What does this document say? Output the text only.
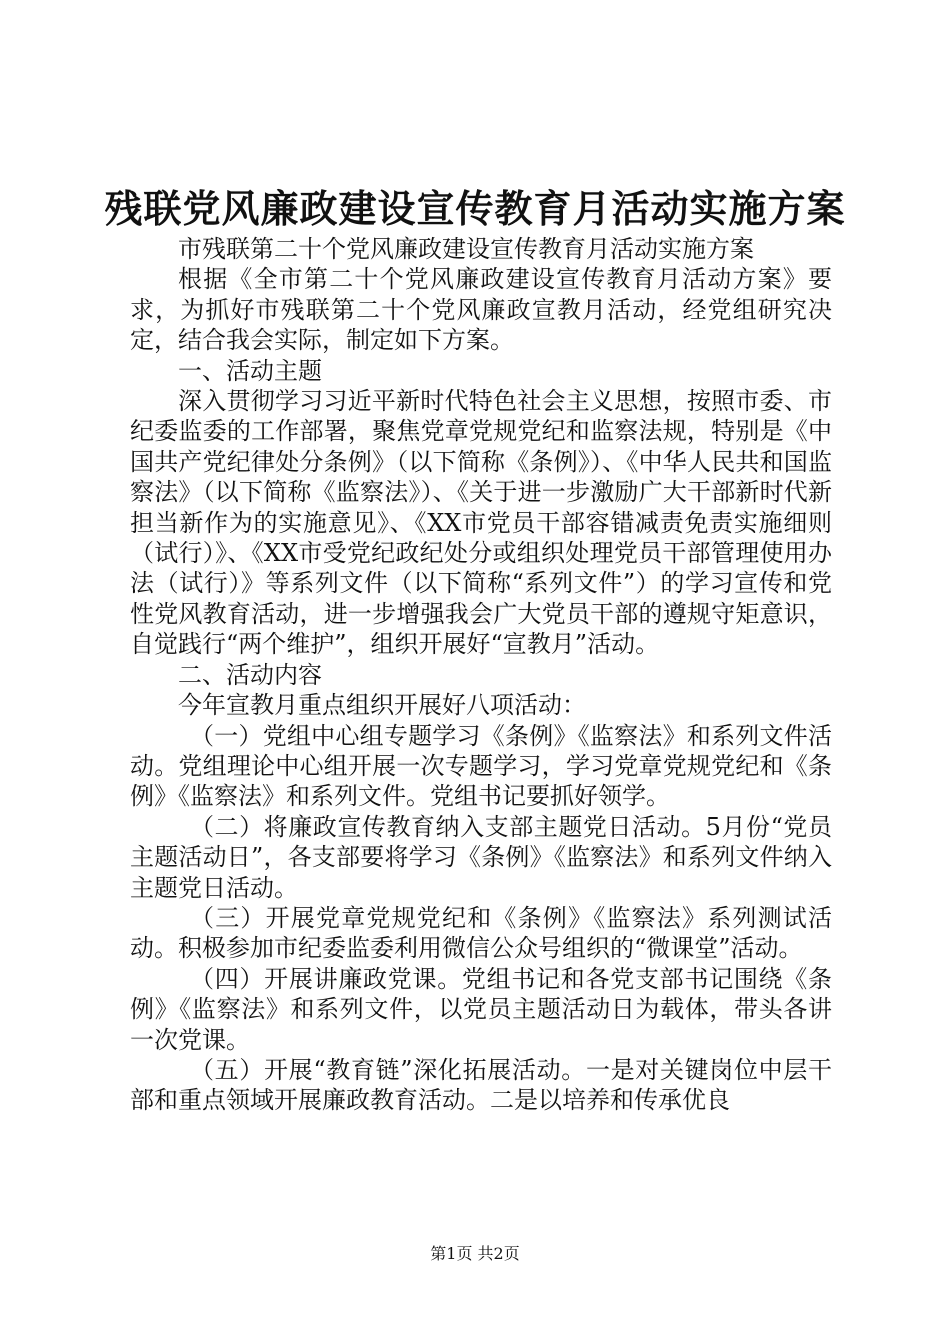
残联党风廉政建设宣传教育月活动实施方案

市残联第二十个党风廉政建设宣传教育月活动实施方案

根据《全市第二十个党风廉政建设宣传教育月活动方案》要求，为抓好市残联第二十个党风廉政宣教月活动，经党组研究决定，结合我会实际，制定如下方案。

一、活动主题

深入贯彻学习习近平新时代特色社会主义思想，按照市委、市纪委监委的工作部署，聚焦党章党规党纪和监察法规，特别是《中国共产党纪律处分条例》（以下简称《条例》）、《中华人民共和国监察法》（以下简称《监察法》）、《关于进一步激励广大干部新时代新担当新作为的实施意见》、《XX市党员干部容错减责免责实施细则（试行）》、《XX市受党纪政纪处分或组织处理党员干部管理使用办法（试行）》等系列文件（以下简称“系列文件”）的学习宣传和党性党风教育活动，进一步增强我会广大党员干部的遵规守矩意识，自觉践行“两个维护”，组织开展好“宣教月”活动。

二、活动内容

今年宣教月重点组织开展好八项活动：

（一）党组中心组专题学习《条例》《监察法》和系列文件活动。党组理论中心组开展一次专题学习，学习党章党规党纪和《条例》《监察法》和系列文件。党组书记要抓好领学。

（二）将廉政宣传教育纳入支部主题党日活动。5月份“党员主题活动日”，各支部要将学习《条例》《监察法》和系列文件纳入主题党日活动。

（三）开展党章党规党纪和《条例》《监察法》系列测试活动。积极参加市纪委监委利用微信公众号组织的“微课堂”活动。

（四）开展讲廉政党课。党组书记和各党支部书记围绕《条例》《监察法》和系列文件，以党员主题活动日为载体，带头各讲一次党课。

（五）开展“教育链”深化拓展活动。一是对关键岗位中层干部和重点领域开展廉政教育活动。二是以培养和传承优良

第1页 共2页
